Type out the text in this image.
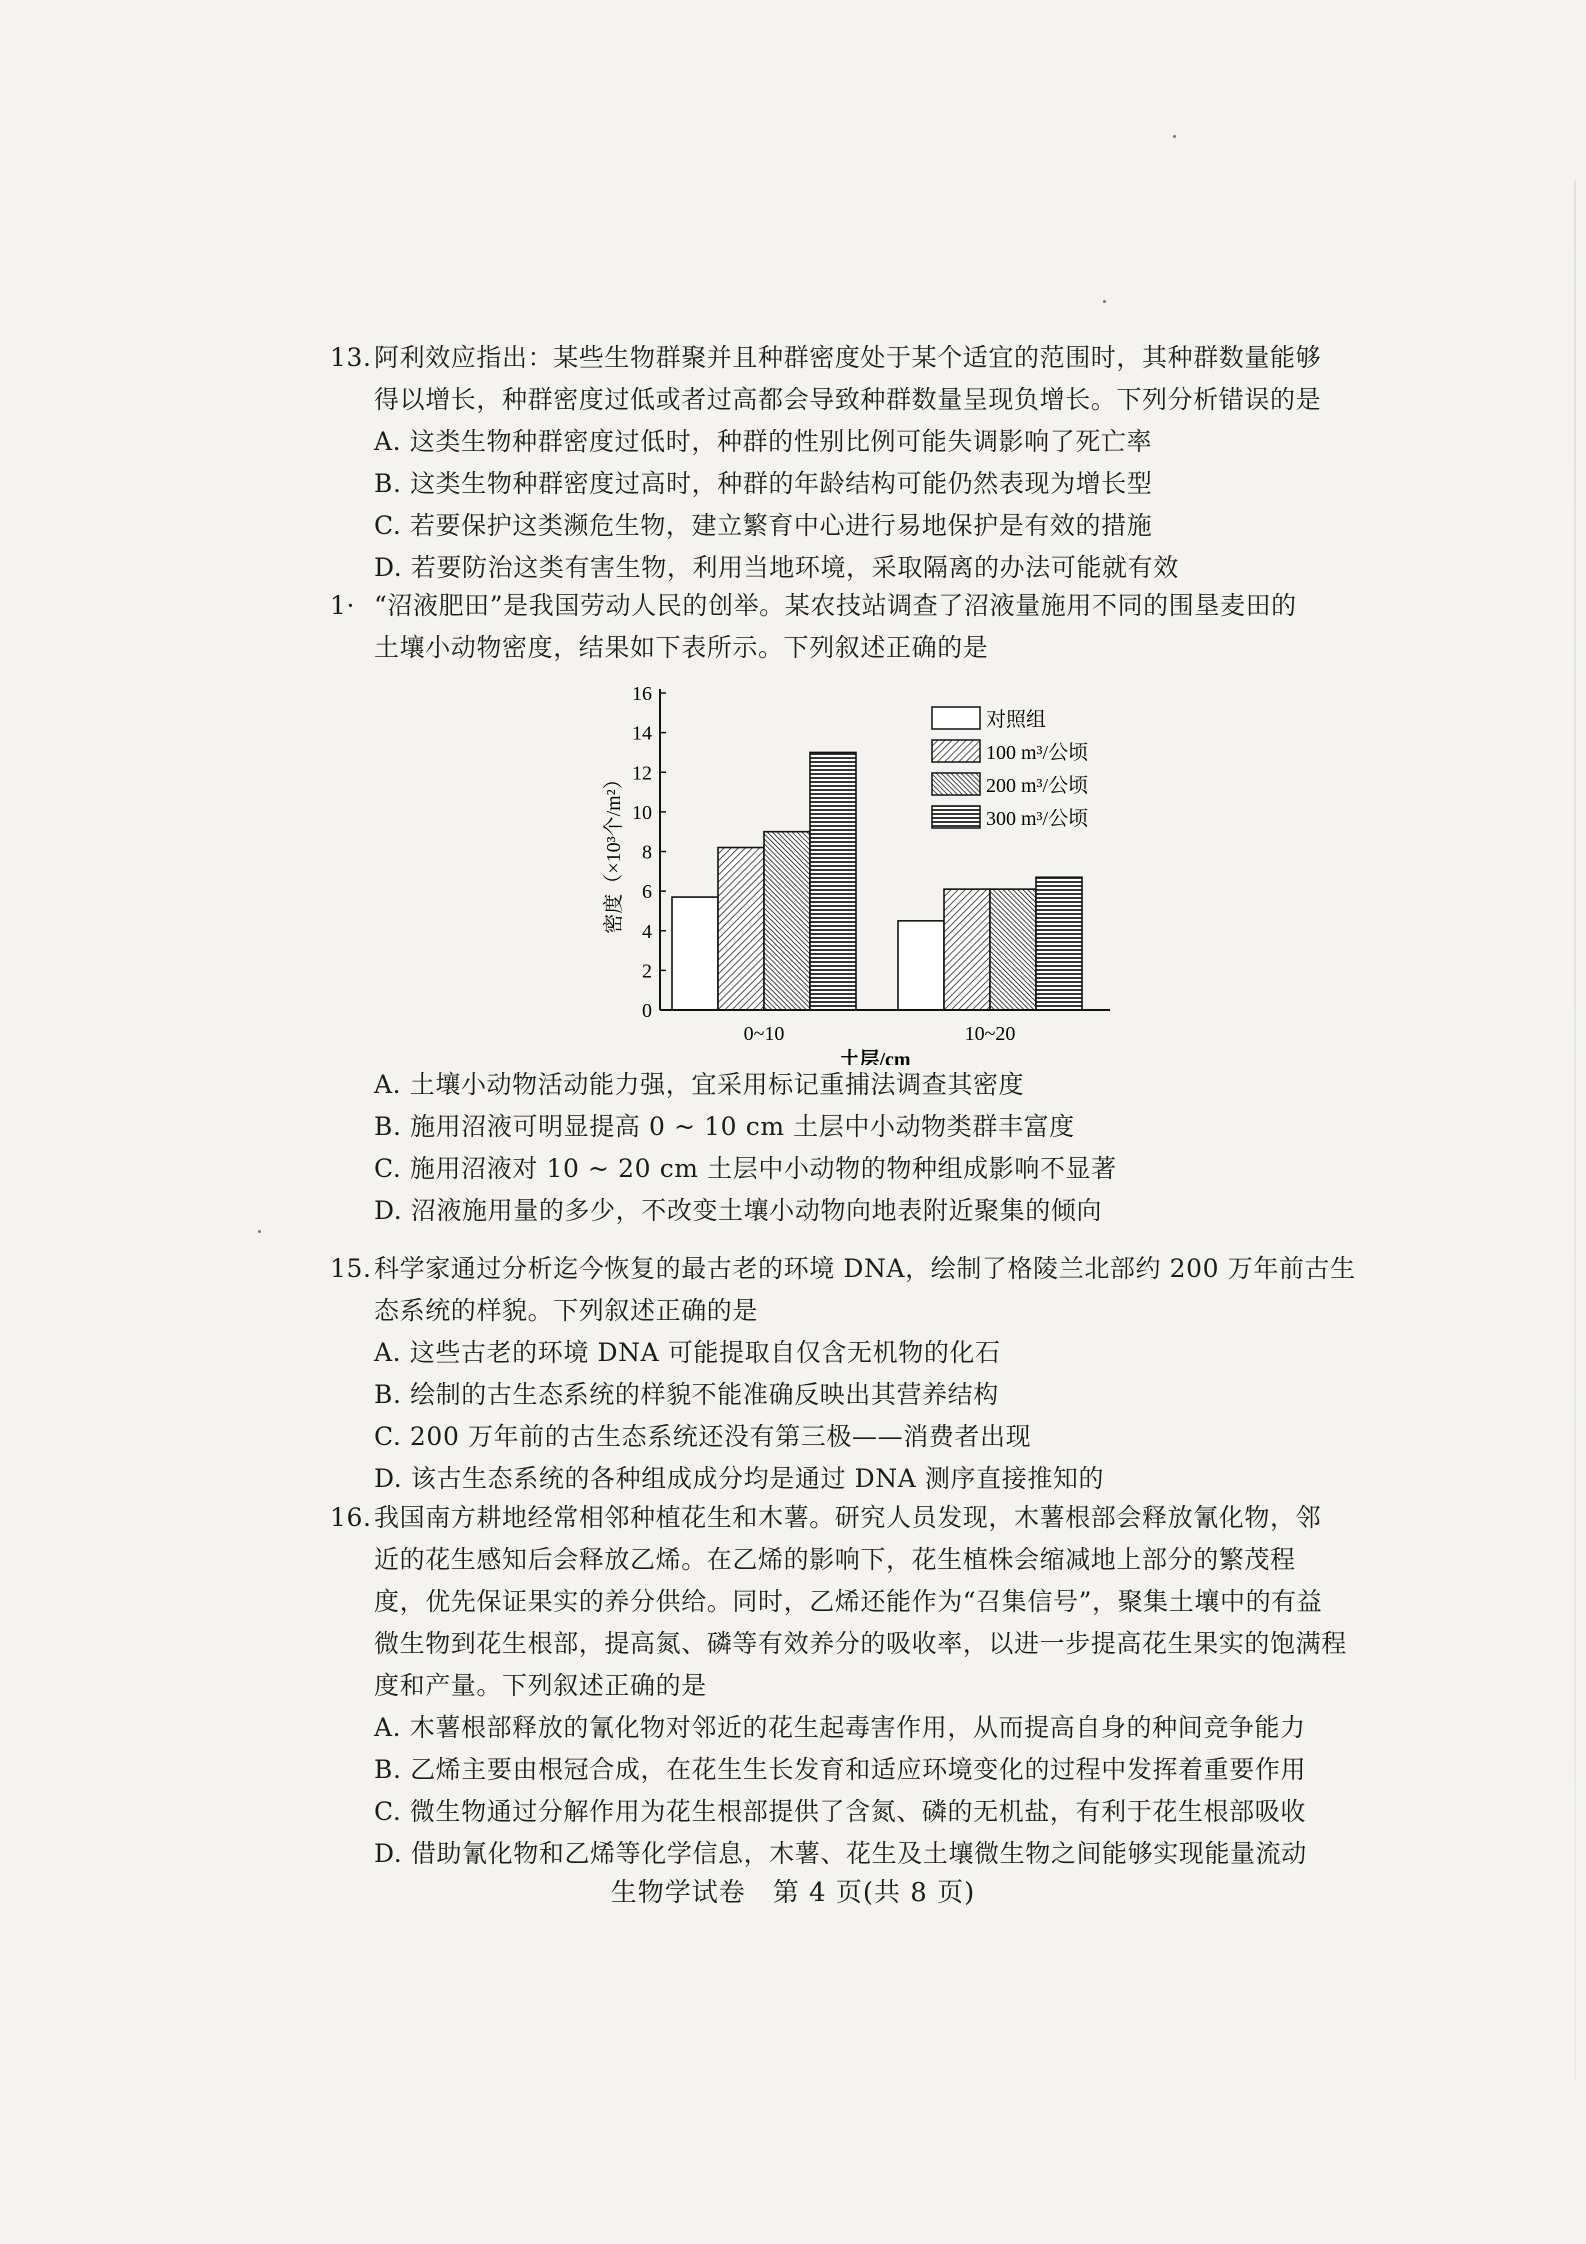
13. 阿利效应指出：某些生物群聚并且种群密度处于某个适宜的范围时，其种群数量能够
得以增长，种群密度过低或者过高都会导致种群数量呈现负增长。下列分析错误的是
A. 这类生物种群密度过低时，种群的性别比例可能失调影响了死亡率
B. 这类生物种群密度过高时，种群的年龄结构可能仍然表现为增长型
C. 若要保护这类濒危生物，建立繁育中心进行易地保护是有效的措施
D. 若要防治这类有害生物，利用当地环境，采取隔离的办法可能就有效
1· “沼液肥田”是我国劳动人民的创举。某农技站调查了沼液量施用不同的围垦麦田的
土壤小动物密度，结果如下表所示。下列叙述正确的是
0
2
4
6
8
10
12
14
16
密度（×10³个/m²）
0~10	10~20
土层/cm
对照组
100 m³/公顷
200 m³/公顷
300 m³/公顷
A. 土壤小动物活动能力强，宜采用标记重捕法调查其密度
B. 施用沼液可明显提高 0 ~ 10 cm 土层中小动物类群丰富度
C. 施用沼液对 10 ~ 20 cm 土层中小动物的物种组成影响不显著
D. 沼液施用量的多少，不改变土壤小动物向地表附近聚集的倾向
15. 科学家通过分析迄今恢复的最古老的环境 DNA，绘制了格陵兰北部约 200 万年前古生
态系统的样貌。下列叙述正确的是
A. 这些古老的环境 DNA 可能提取自仅含无机物的化石
B. 绘制的古生态系统的样貌不能准确反映出其营养结构
C. 200 万年前的古生态系统还没有第三极——消费者出现
D. 该古生态系统的各种组成成分均是通过 DNA 测序直接推知的
16. 我国南方耕地经常相邻种植花生和木薯。研究人员发现，木薯根部会释放氰化物，邻
近的花生感知后会释放乙烯。在乙烯的影响下，花生植株会缩减地上部分的繁茂程
度，优先保证果实的养分供给。同时，乙烯还能作为“召集信号”，聚集土壤中的有益
微生物到花生根部，提高氮、磷等有效养分的吸收率，以进一步提高花生果实的饱满程
度和产量。下列叙述正确的是
A. 木薯根部释放的氰化物对邻近的花生起毒害作用，从而提高自身的种间竞争能力
B. 乙烯主要由根冠合成，在花生生长发育和适应环境变化的过程中发挥着重要作用
C. 微生物通过分解作用为花生根部提供了含氮、磷的无机盐，有利于花生根部吸收
D. 借助氰化物和乙烯等化学信息，木薯、花生及土壤微生物之间能够实现能量流动
生物学试卷　第 4 页(共 8 页)
